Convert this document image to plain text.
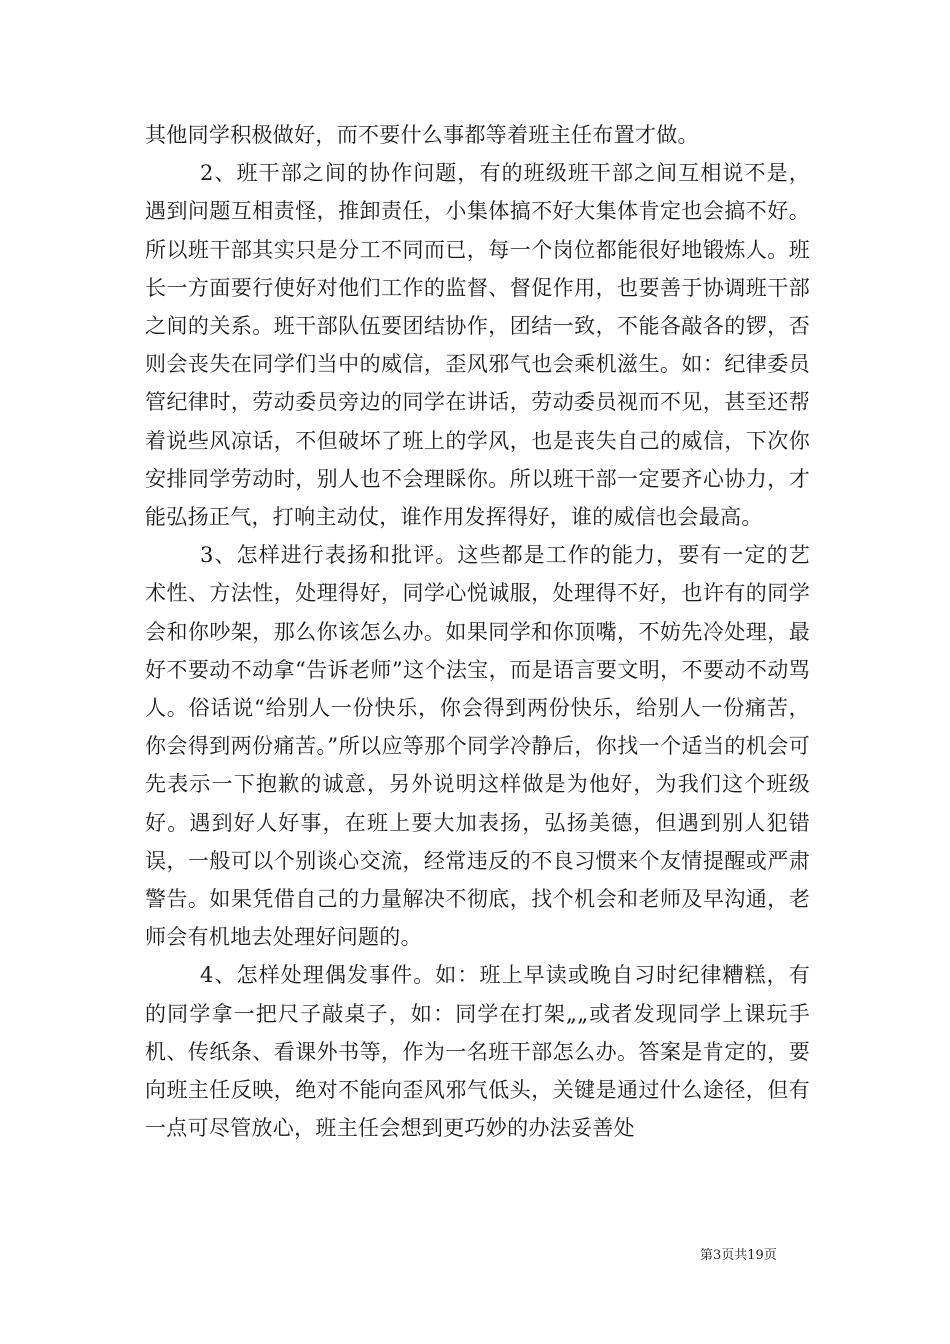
其他同学积极做好，而不要什么事都等着班主任布置才做。

2、班干部之间的协作问题，有的班级班干部之间互相说不是，遇到问题互相责怪，推卸责任，小集体搞不好大集体肯定也会搞不好。所以班干部其实只是分工不同而已，每一个岗位都能很好地锻炼人。班长一方面要行使好对他们工作的监督、督促作用，也要善于协调班干部之间的关系。班干部队伍要团结协作，团结一致，不能各敲各的锣，否则会丧失在同学们当中的威信，歪风邪气也会乘机滋生。如：纪律委员管纪律时，劳动委员旁边的同学在讲话，劳动委员视而不见，甚至还帮着说些风凉话，不但破坏了班上的学风，也是丧失自己的威信，下次你安排同学劳动时，别人也不会理睬你。所以班干部一定要齐心协力，才能弘扬正气，打响主动仗，谁作用发挥得好，谁的威信也会最高。

3、怎样进行表扬和批评。这些都是工作的能力，要有一定的艺术性、方法性，处理得好，同学心悦诚服，处理得不好，也许有的同学会和你吵架，那么你该怎么办。如果同学和你顶嘴，不妨先冷处理，最好不要动不动拿“告诉老师”这个法宝，而是语言要文明，不要动不动骂人。俗话说“给别人一份快乐，你会得到两份快乐，给别人一份痛苦，你会得到两份痛苦。”所以应等那个同学冷静后，你找一个适当的机会可先表示一下抱歉的诚意，另外说明这样做是为他好，为我们这个班级好。遇到好人好事，在班上要大加表扬，弘扬美德，但遇到别人犯错误，一般可以个别谈心交流，经常违反的不良习惯来个友情提醒或严肃警告。如果凭借自己的力量解决不彻底，找个机会和老师及早沟通，老师会有机地去处理好问题的。

4、怎样处理偶发事件。如：班上早读或晚自习时纪律糟糕，有的同学拿一把尺子敲桌子，如：同学在打架„„或者发现同学上课玩手机、传纸条、看课外书等，作为一名班干部怎么办。答案是肯定的，要向班主任反映，绝对不能向歪风邪气低头，关键是通过什么途径，但有一点可尽管放心，班主任会想到更巧妙的办法妥善处

第3页共19页
